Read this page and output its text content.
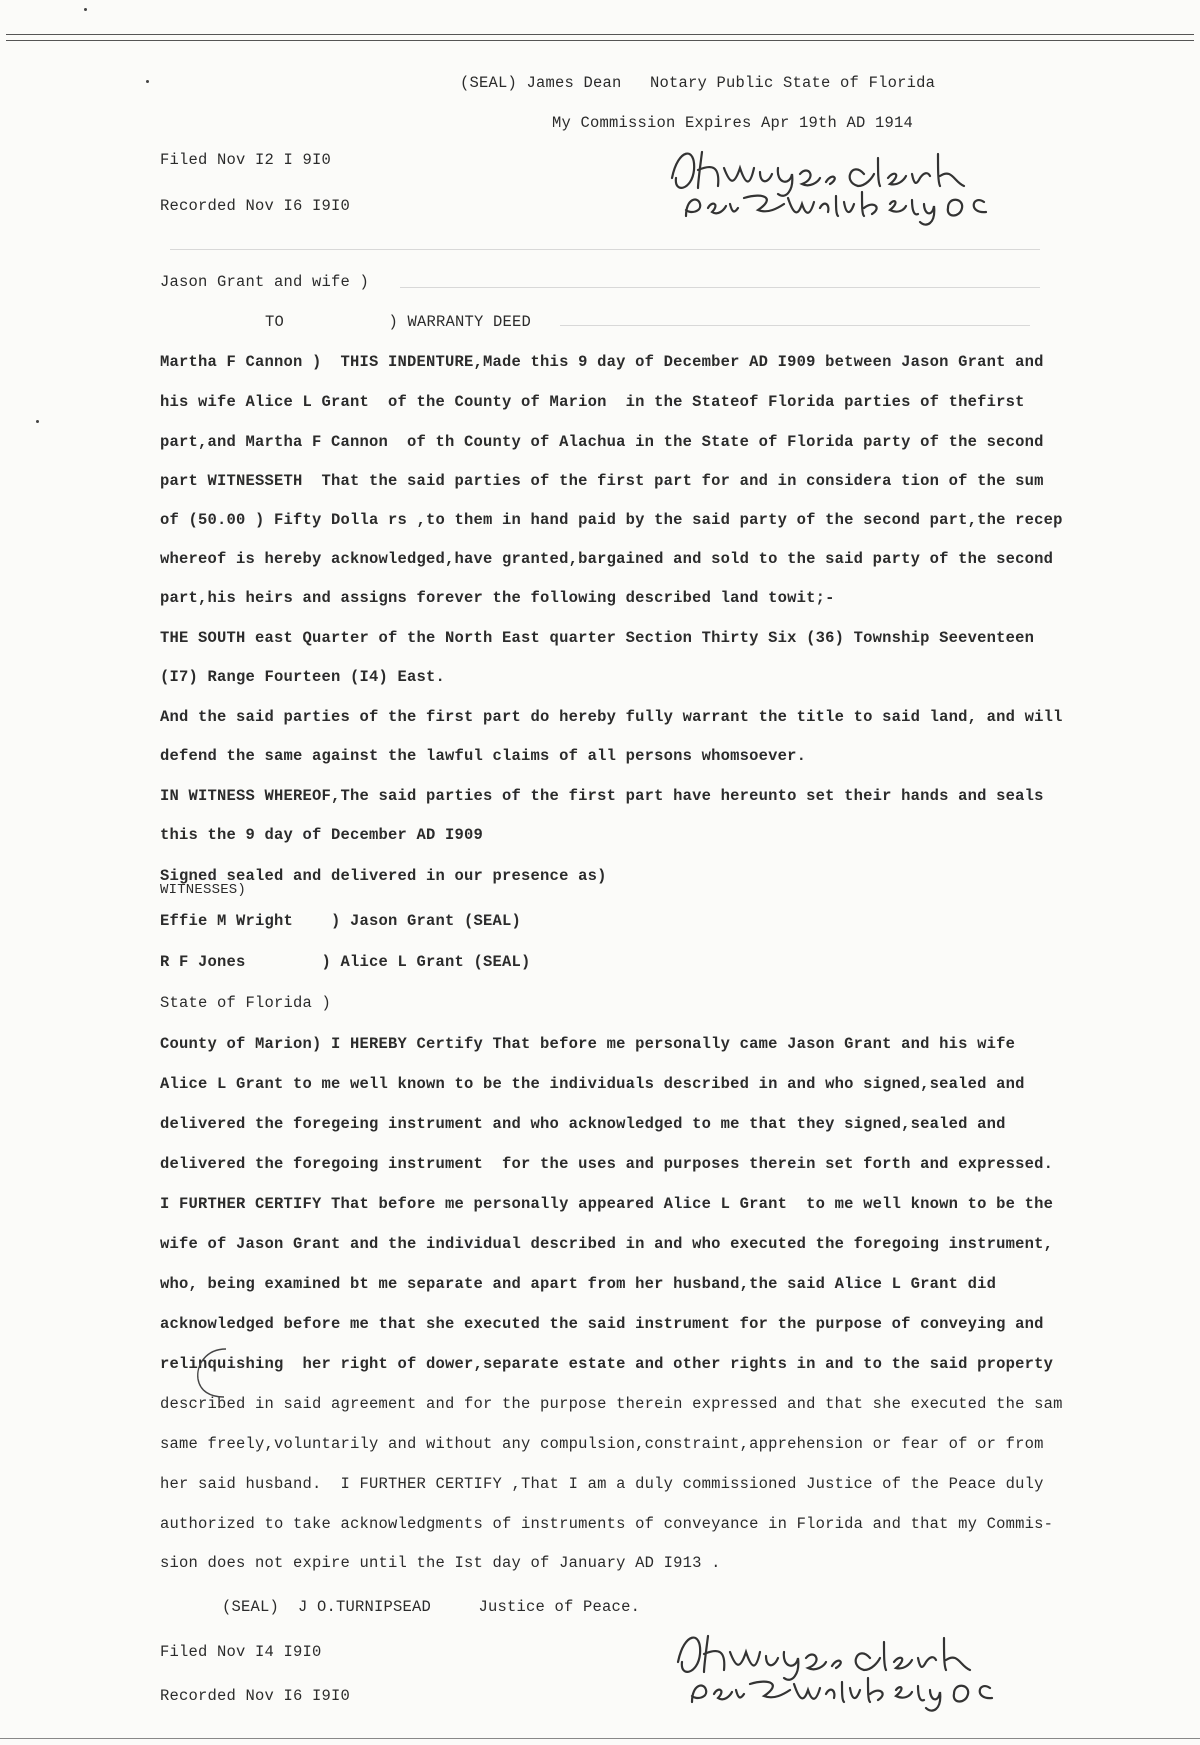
(SEAL) James Dean   Notary Public State of Florida
My Commission Expires Apr 19th AD 1914
Filed Nov I2 I 9I0
Recorded Nov I6 I9I0
Jason Grant and wife )
TO           ) WARRANTY DEED
Martha F Cannon )  THIS INDENTURE,Made this 9 day of December AD I909 between Jason Grant and
his wife Alice L Grant  of the County of Marion  in the Stateof Florida parties of thefirst
part,and Martha F Cannon  of th County of Alachua in the State of Florida party of the second
part WITNESSETH  That the said parties of the first part for and in considera tion of the sum
of (50.00 ) Fifty Dolla rs ,to them in hand paid by the said party of the second part,the recep
whereof is hereby acknowledged,have granted,bargained and sold to the said party of the second
part,his heirs and assigns forever the following described land towit;-
THE SOUTH east Quarter of the North East quarter Section Thirty Six (36) Township Seeventeen
(I7) Range Fourteen (I4) East.
And the said parties of the first part do hereby fully warrant the title to said land, and will
defend the same against the lawful claims of all persons whomsoever.
IN WITNESS WHEREOF,The said parties of the first part have hereunto set their hands and seals
this the 9 day of December AD I909
Signed sealed and delivered in our presence as)
WITNESSES)
Effie M Wright    ) Jason Grant (SEAL)
R F Jones        ) Alice L Grant (SEAL)
State of Florida )
County of Marion) I HEREBY Certify That before me personally came Jason Grant and his wife
Alice L Grant to me well known to be the individuals described in and who signed,sealed and
delivered the foregeing instrument and who acknowledged to me that they signed,sealed and
delivered the foregoing instrument  for the uses and purposes therein set forth and expressed.
I FURTHER CERTIFY That before me personally appeared Alice L Grant  to me well known to be the
wife of Jason Grant and the individual described in and who executed the foregoing instrument,
who, being examined bt me separate and apart from her husband,the said Alice L Grant did
acknowledged before me that she executed the said instrument for the purpose of conveying and
relinquishing  her right of dower,separate estate and other rights in and to the said property
described in said agreement and for the purpose therein expressed and that she executed the sam
same freely,voluntarily and without any compulsion,constraint,apprehension or fear of or from
her said husband.  I FURTHER CERTIFY ,That I am a duly commissioned Justice of the Peace duly
authorized to take acknowledgments of instruments of conveyance in Florida and that my Commis-
sion does not expire until the Ist day of January AD I913 .
(SEAL)  J O.TURNIPSEAD     Justice of Peace.
Filed Nov I4 I9I0
Recorded Nov I6 I9I0
